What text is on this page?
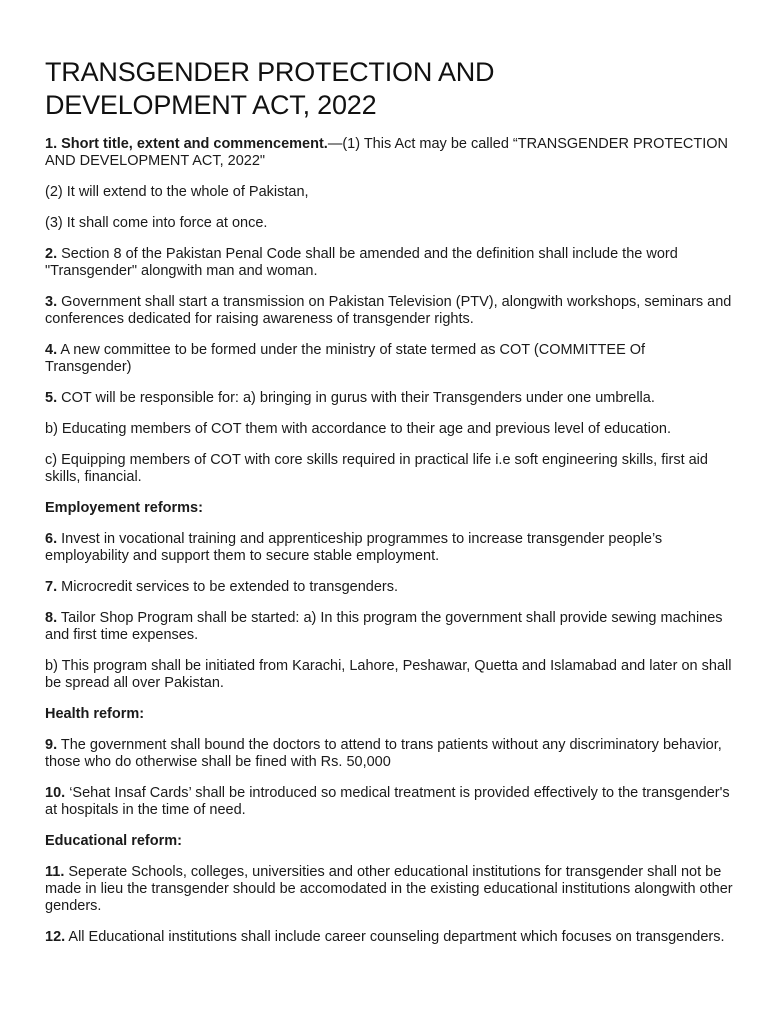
TRANSGENDER PROTECTION AND
DEVELOPMENT ACT, 2022

1. Short title, extent and commencement.—(1) This Act may be called “TRANSGENDER PROTECTION AND DEVELOPMENT ACT, 2022"

(2) It will extend to the whole of Pakistan,

(3) It shall come into force at once.

2. Section 8 of the Pakistan Penal Code shall be amended and the definition shall include the word "Transgender" alongwith man and woman.

3. Government shall start a transmission on Pakistan Television (PTV), alongwith workshops, seminars and conferences dedicated for raising awareness of transgender rights.

4. A new committee to be formed under the ministry of state termed as COT (COMMITTEE Of Transgender)

5. COT will be responsible for: a) bringing in gurus with their Transgenders under one umbrella.

b) Educating members of COT them with accordance to their age and previous level of education.

c) Equipping members of COT with core skills required in practical life i.e soft engineering skills, first aid skills, financial.

Employement reforms:

6. Invest in vocational training and apprenticeship programmes to increase transgender people’s employability and support them to secure stable employment.

7. Microcredit services to be extended to transgenders.

8. Tailor Shop Program shall be started: a) In this program the government shall provide sewing machines and first time expenses.

b) This program shall be initiated from Karachi, Lahore, Peshawar, Quetta and Islamabad and later on shall be spread all over Pakistan.

Health reform:

9. The government shall bound the doctors to attend to trans patients without any discriminatory behavior, those who do otherwise shall be fined with Rs. 50,000

10. ‘Sehat Insaf Cards’ shall be introduced so medical treatment is provided effectively to the transgender's at hospitals in the time of need.

Educational reform:

11. Seperate Schools, colleges, universities and other educational institutions for transgender shall not be made in lieu the transgender should be accomodated in the existing educational institutions alongwith other genders.

12. All Educational institutions shall include career counseling department which focuses on transgenders.
